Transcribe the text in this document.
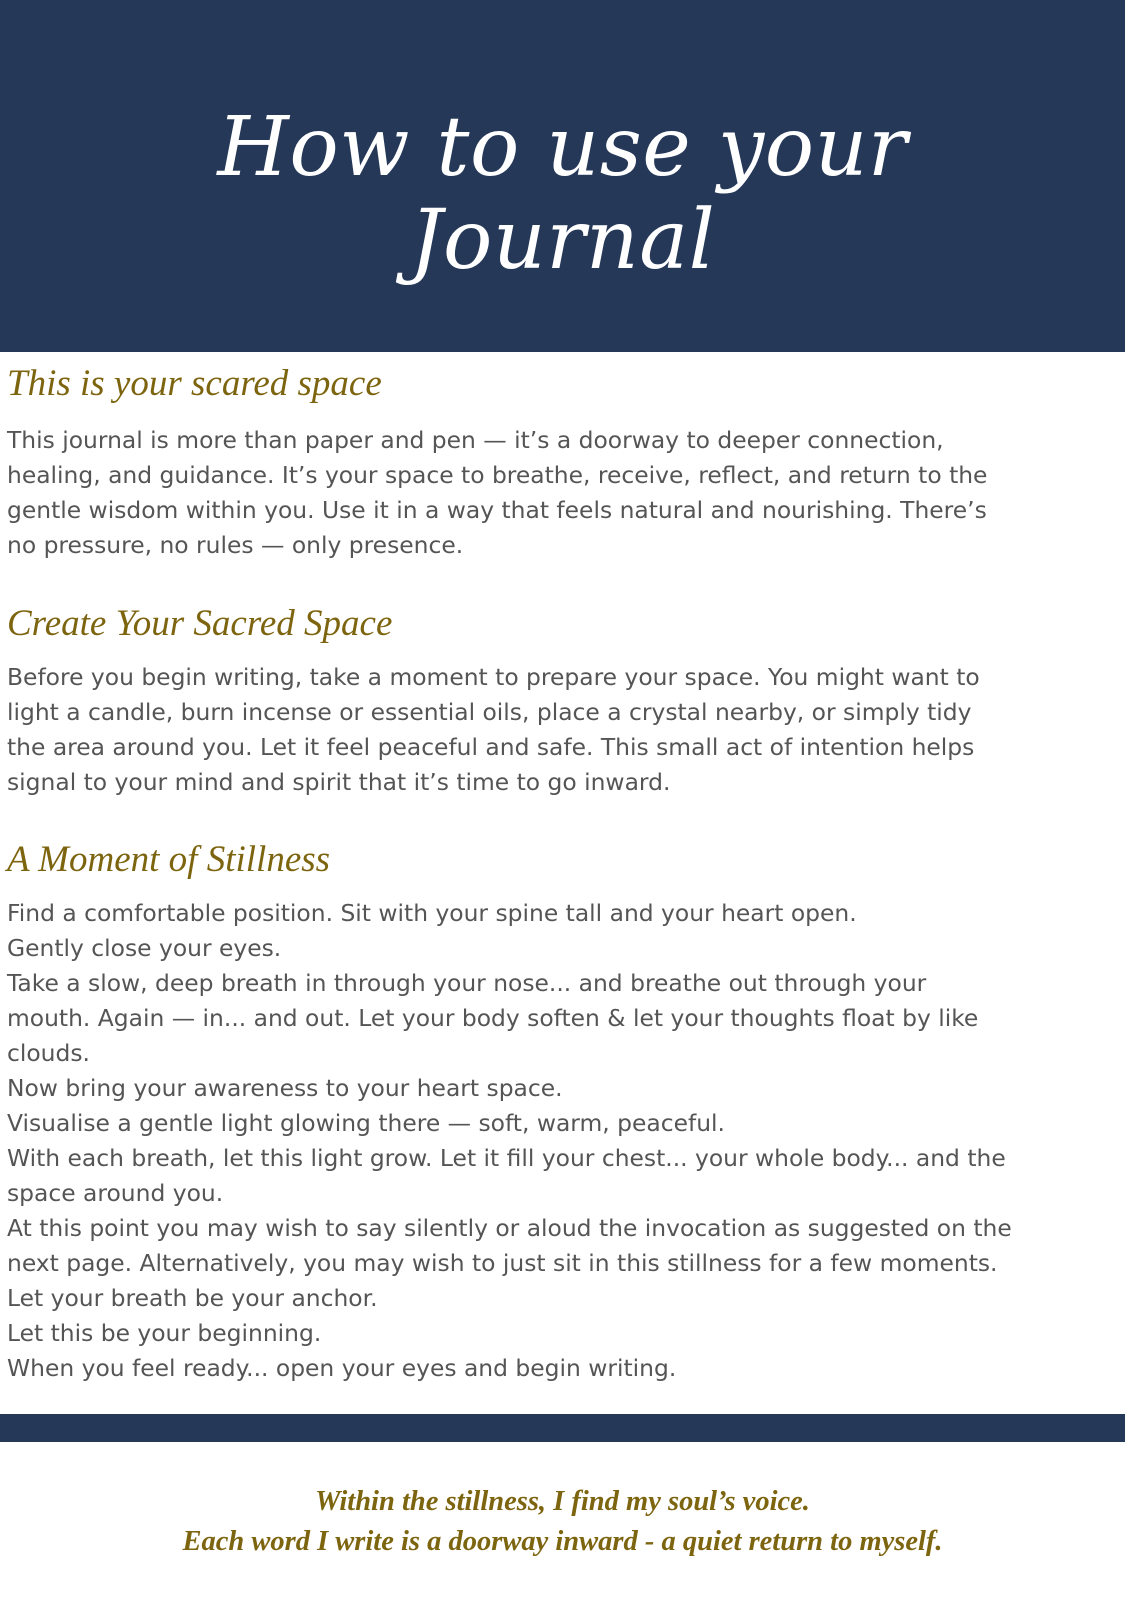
How to use your
Journal
This is your scared space

This journal is more than paper and pen — it’s a doorway to deeper connection,
healing, and guidance. It’s your space to breathe, receive, reflect, and return to the
gentle wisdom within you. Use it in a way that feels natural and nourishing. There’s
no pressure, no rules — only presence.

Create Your Sacred Space

Before you begin writing, take a moment to prepare your space. You might want to
light a candle, burn incense or essential oils, place a crystal nearby, or simply tidy
the area around you. Let it feel peaceful and safe. This small act of intention helps
signal to your mind and spirit that it’s time to go inward.

A Moment of Stillness

Find a comfortable position. Sit with your spine tall and your heart open.
Gently close your eyes.
Take a slow, deep breath in through your nose... and breathe out through your
mouth. Again — in... and out. Let your body soften & let your thoughts float by like
clouds.
Now bring your awareness to your heart space.
Visualise a gentle light glowing there — soft, warm, peaceful.
With each breath, let this light grow. Let it fill your chest... your whole body... and the
space around you.
At this point you may wish to say silently or aloud the invocation as suggested on the
next page. Alternatively, you may wish to just sit in this stillness for a few moments.
Let your breath be your anchor.
Let this be your beginning.
When you feel ready... open your eyes and begin writing.

Within the stillness, I find my soul’s voice.
Each word I write is a doorway inward - a quiet return to myself.
